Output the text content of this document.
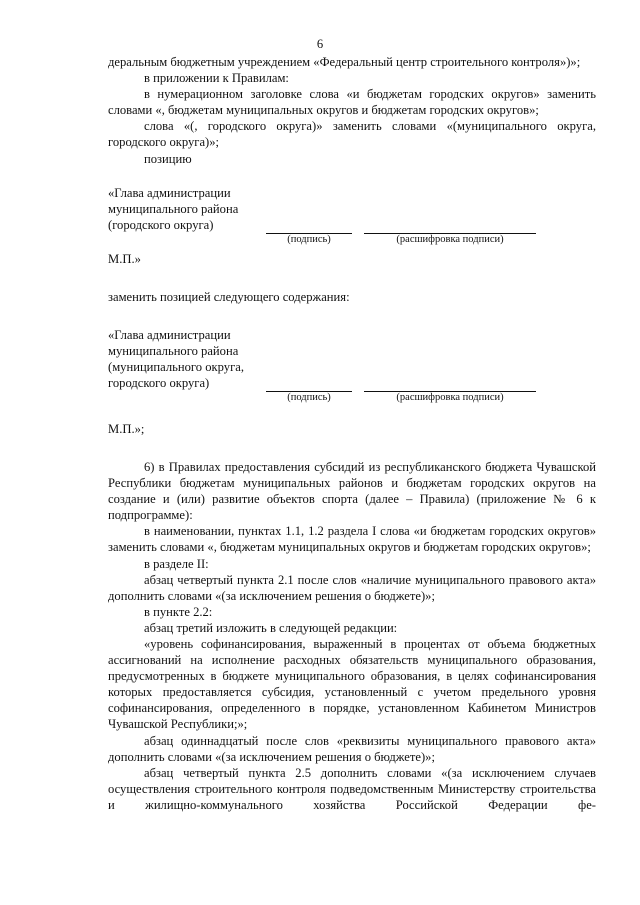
6

деральным бюджетным учреждением «Федеральный центр строительного контроля»)»;

в приложении к Правилам:

в нумерационном заголовке слова «и бюджетам городских округов» заменить словами «, бюджетам муниципальных округов и бюджетам городских округов»;

слова «(, городского округа)» заменить словами «(муниципального округа, городского округа)»;

позицию

«Глава администрации
муниципального района
(городского округа)
(подпись)	(расшифровка подписи)

М.П.»

заменить позицией следующего содержания:

«Глава администрации
муниципального района
(муниципального округа,
городского округа)
(подпись)	(расшифровка подписи)

М.П.»;

6) в Правилах предоставления субсидий из республиканского бюджета Чувашской Республики бюджетам муниципальных районов и бюджетам городских округов на создание и (или) развитие объектов спорта (далее – Правила) (приложение № 6 к подпрограмме):

в наименовании, пунктах 1.1, 1.2 раздела I слова «и бюджетам городских округов» заменить словами «, бюджетам муниципальных округов и бюджетам городских округов»;

в разделе II:

абзац четвертый пункта 2.1 после слов «наличие муниципального правового акта» дополнить словами «(за исключением решения о бюджете)»;

в пункте 2.2:

абзац третий изложить в следующей редакции:

«уровень софинансирования, выраженный в процентах от объема бюджетных ассигнований на исполнение расходных обязательств муниципального образования, предусмотренных в бюджете муниципального образования, в целях софинансирования которых предоставляется субсидия, установленный с учетом предельного уровня софинансирования, определенного в порядке, установленном Кабинетом Министров Чувашской Республики;»;

абзац одиннадцатый после слов «реквизиты муниципального правового акта» дополнить словами «(за исключением решения о бюджете)»;

абзац четвертый пункта 2.5 дополнить словами «(за исключением случаев осуществления строительного контроля подведомственным Министерству строительства и жилищно-коммунального хозяйства Российской Федерации фе-
